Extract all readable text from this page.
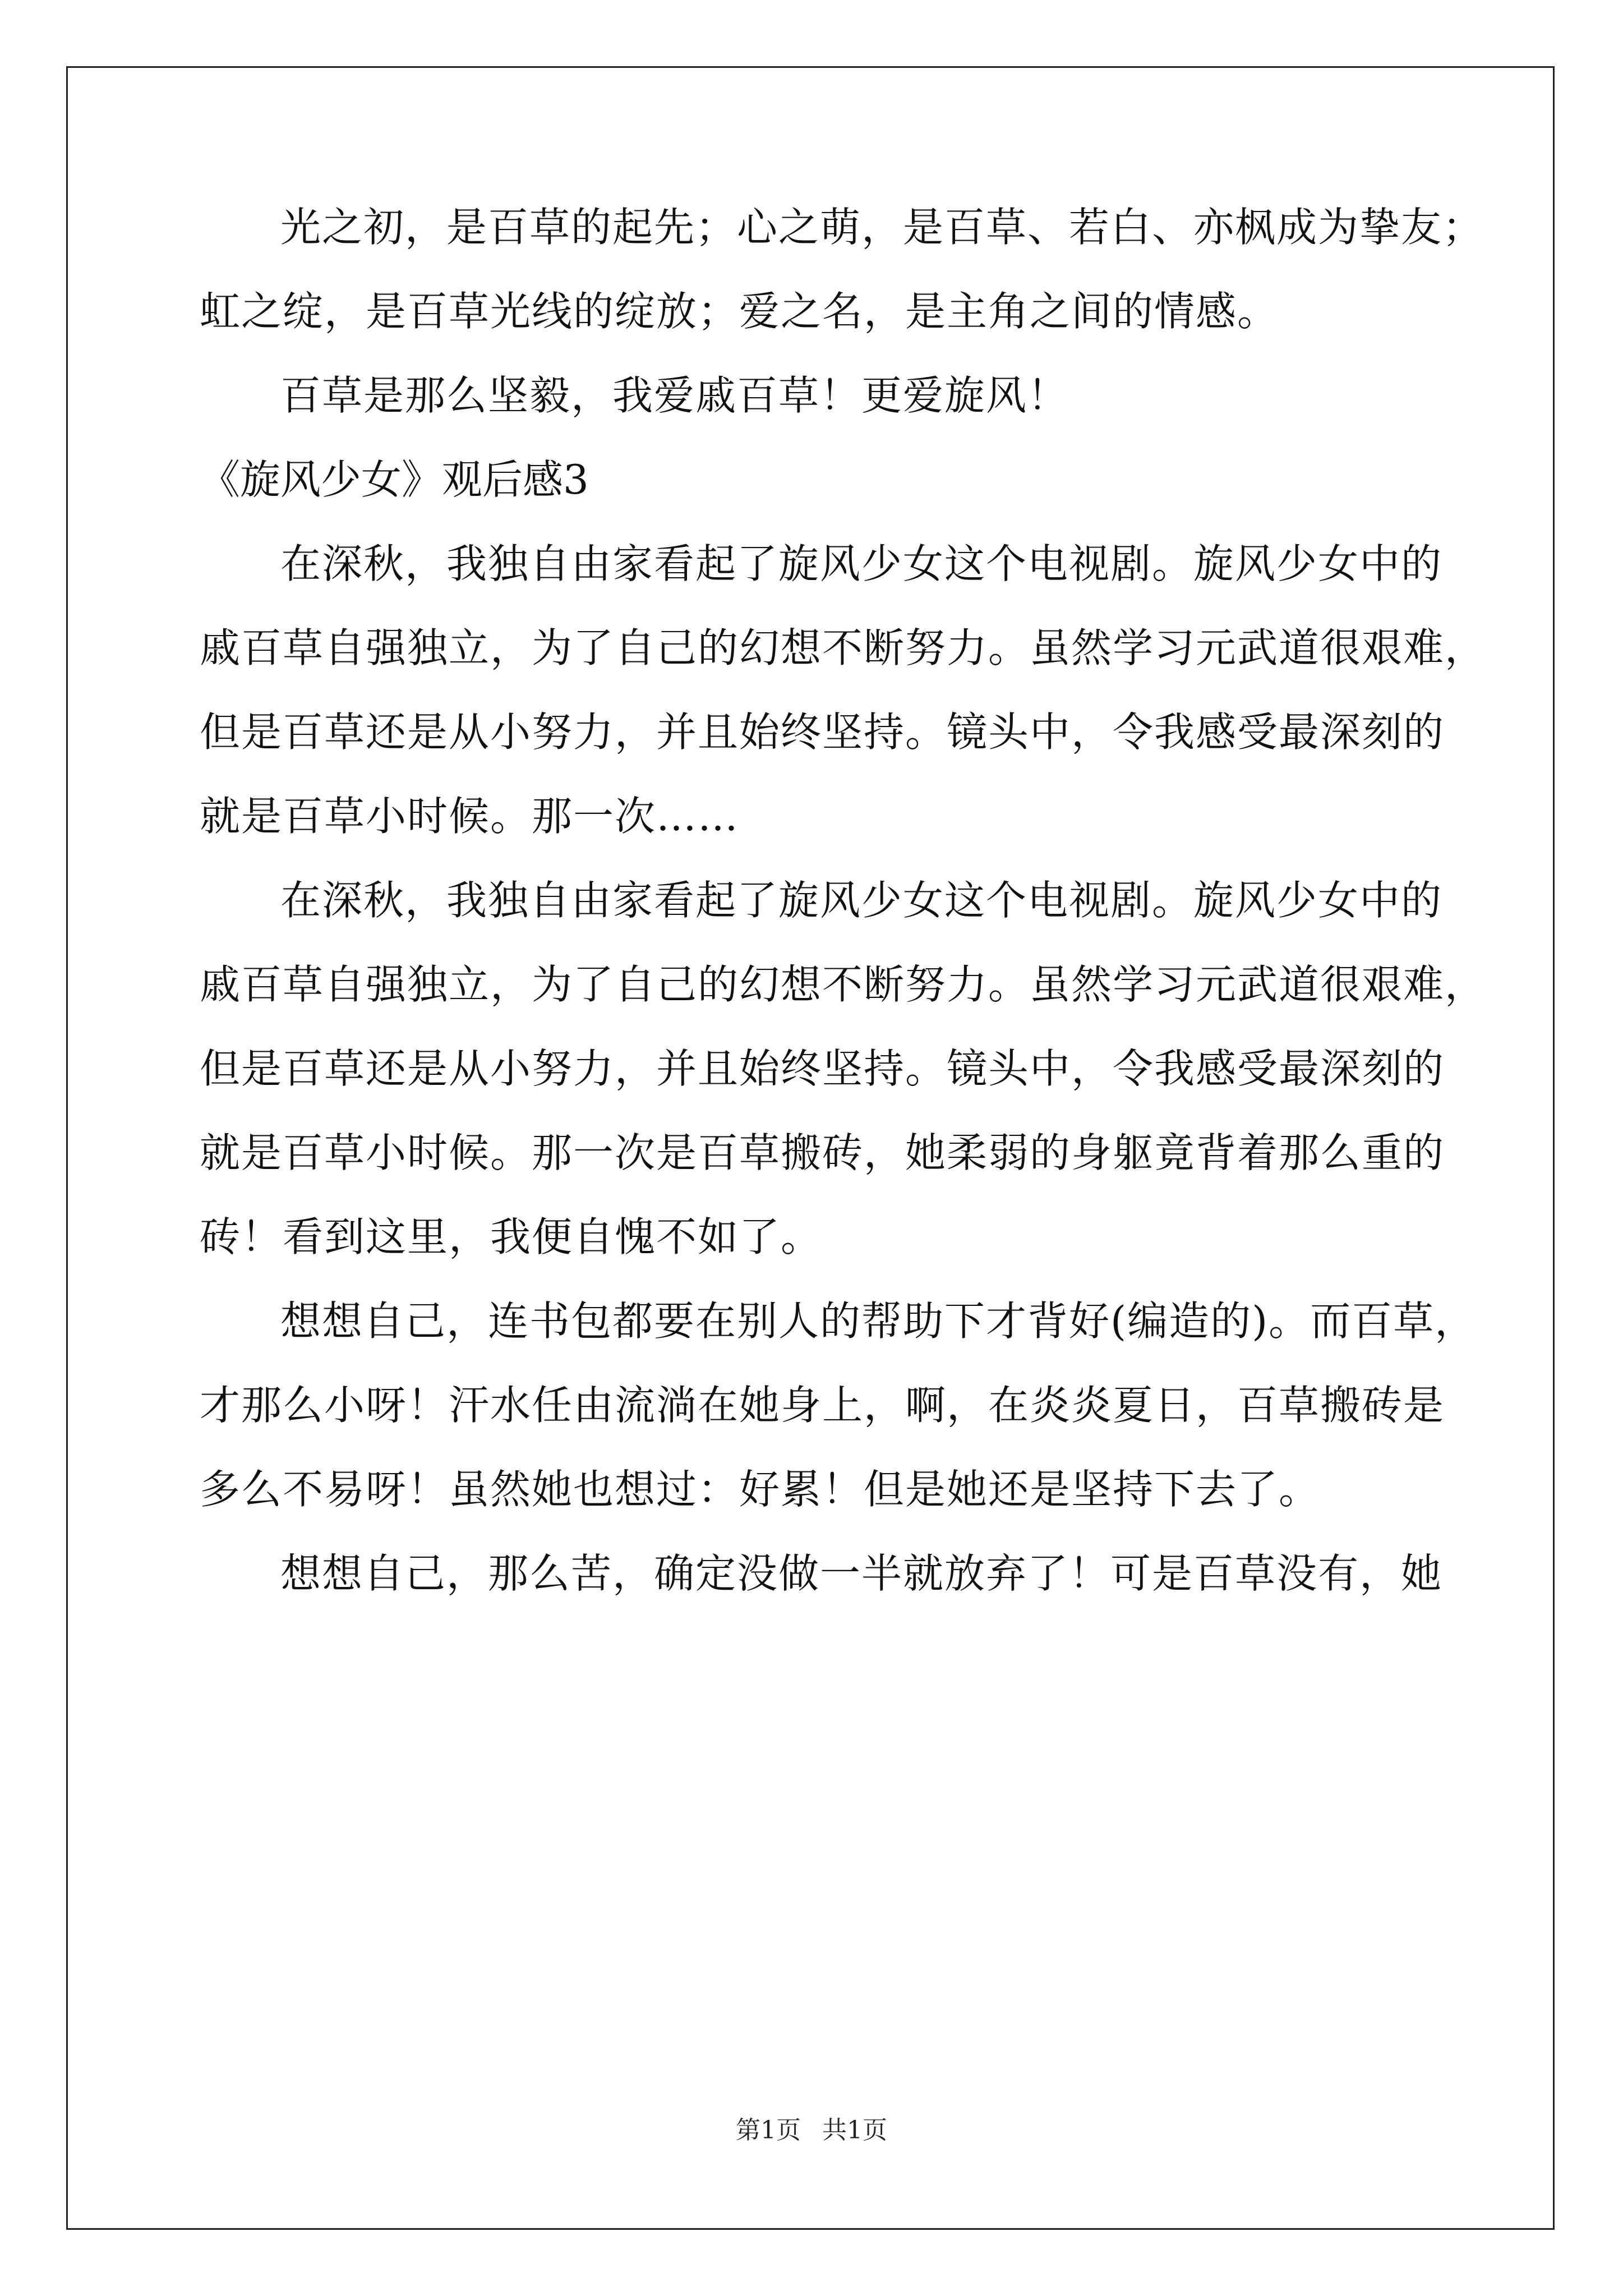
光之初，是百草的起先；心之萌，是百草、若白、亦枫成为挚友；
虹之绽，是百草光线的绽放；爱之名，是主角之间的情感。
百草是那么坚毅，我爱戚百草！更爱旋风！
《旋风少女》观后感3
在深秋，我独自由家看起了旋风少女这个电视剧。旋风少女中的
戚百草自强独立，为了自己的幻想不断努力。虽然学习元武道很艰难，
但是百草还是从小努力，并且始终坚持。镜头中，令我感受最深刻的
就是百草小时候。那一次……
在深秋，我独自由家看起了旋风少女这个电视剧。旋风少女中的
戚百草自强独立，为了自己的幻想不断努力。虽然学习元武道很艰难，
但是百草还是从小努力，并且始终坚持。镜头中，令我感受最深刻的
就是百草小时候。那一次是百草搬砖，她柔弱的身躯竟背着那么重的
砖！看到这里，我便自愧不如了。
想想自己，连书包都要在别人的帮助下才背好(编造的)。而百草，
才那么小呀！汗水任由流淌在她身上，啊，在炎炎夏日，百草搬砖是
多么不易呀！虽然她也想过：好累！但是她还是坚持下去了。
想想自己，那么苦，确定没做一半就放弃了！可是百草没有，她
第1页 共1页
